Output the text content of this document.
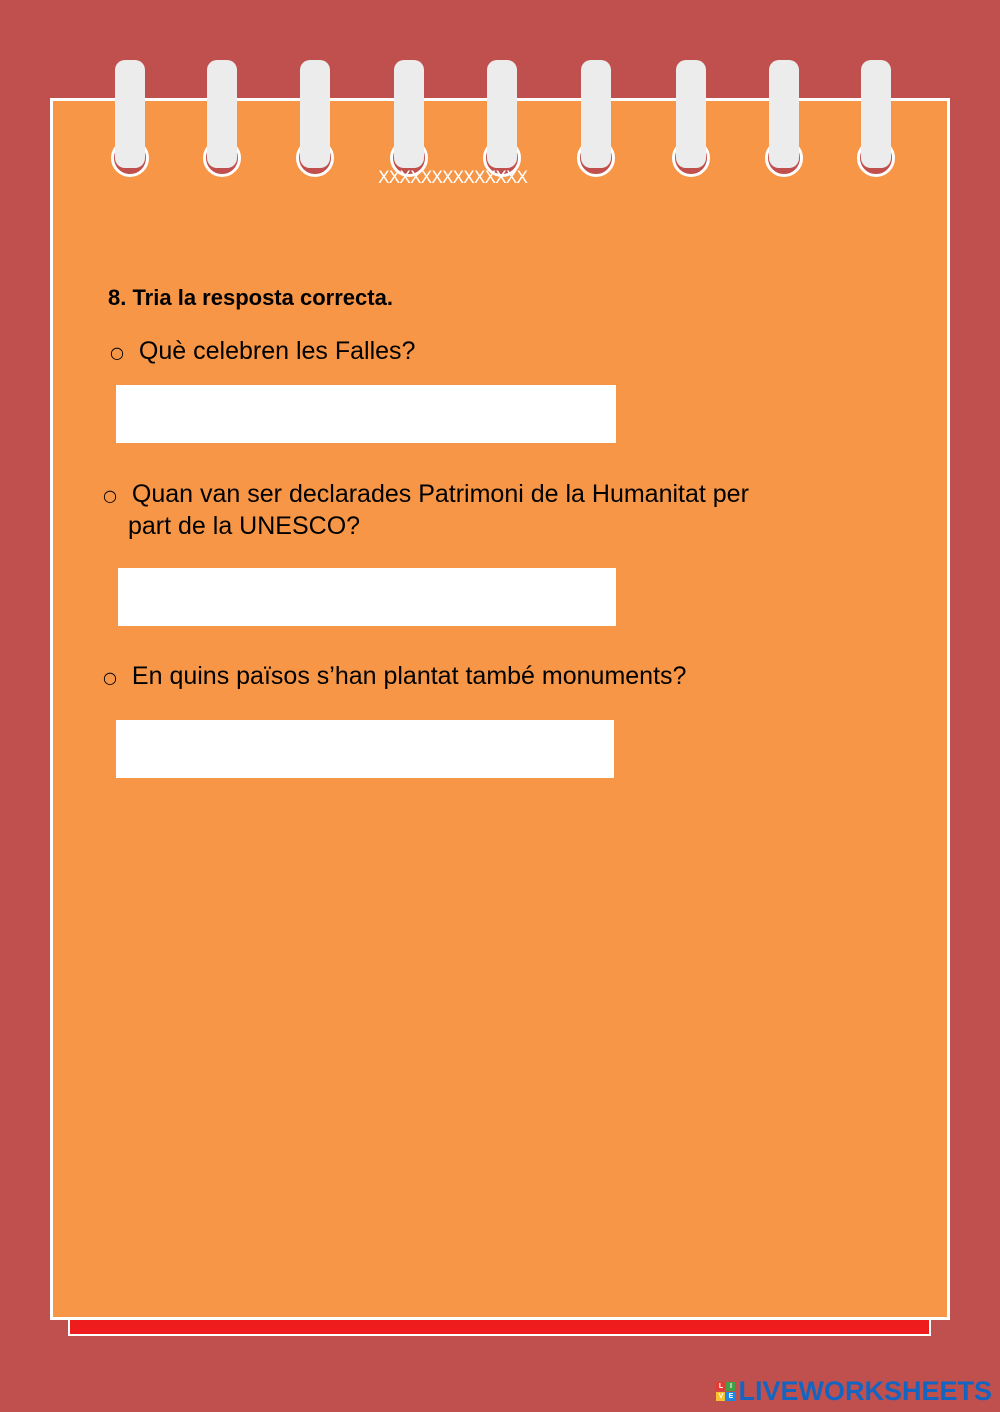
XXXXXXXXXXXXXX
8. Tria la resposta correcta.
○ Què celebren les Falles?
○ Quan van ser declarades Patrimoni de la Humanitat per
part de la UNESCO?
○ En quins països s’han plantat també monuments?
L I
V E LIVEWORKSHEETS
